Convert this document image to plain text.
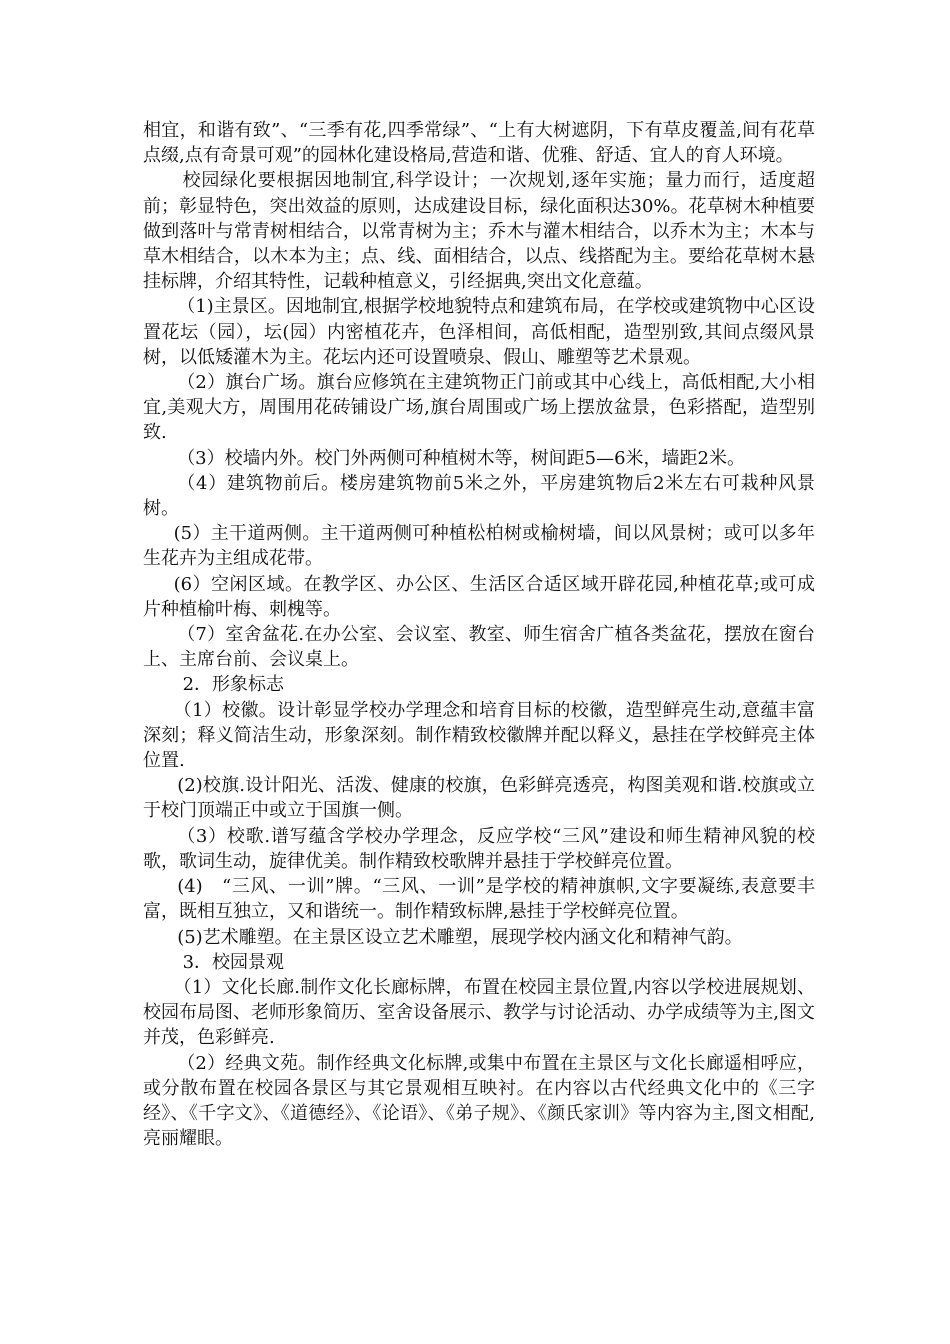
相宜，和谐有致”、“三季有花,四季常绿”、“上有大树遮阴，下有草皮覆盖,间有花草点缀,点有奇景可观”的园林化建设格局,营造和谐、优雅、舒适、宜人的育人环境。

校园绿化要根据因地制宜,科学设计；一次规划,逐年实施；量力而行，适度超前；彰显特色，突出效益的原则，达成建设目标，绿化面积达30%。花草树木种植要做到落叶与常青树相结合，以常青树为主；乔木与灌木相结合，以乔木为主；木本与草木相结合，以木本为主；点、线、面相结合，以点、线搭配为主。要给花草树木悬挂标牌，介绍其特性，记载种植意义，引经据典,突出文化意蕴。

（1)主景区。因地制宜,根据学校地貌特点和建筑布局，在学校或建筑物中心区设置花坛（园），坛(园）内密植花卉，色泽相间，高低相配，造型别致,其间点缀风景树，以低矮灌木为主。花坛内还可设置喷泉、假山、雕塑等艺术景观。

（2）旗台广场。旗台应修筑在主建筑物正门前或其中心线上，高低相配,大小相宜,美观大方，周围用花砖铺设广场,旗台周围或广场上摆放盆景，色彩搭配，造型别致.

（3）校墙内外。校门外两侧可种植树木等，树间距5—6米，墙距2米。

（4）建筑物前后。楼房建筑物前5米之外，平房建筑物后2米左右可栽种风景树。

(5）主干道两侧。主干道两侧可种植松柏树或榆树墙，间以风景树；或可以多年生花卉为主组成花带。

(6）空闲区域。在教学区、办公区、生活区合适区域开辟花园,种植花草;或可成片种植榆叶梅、刺槐等。

（7）室舍盆花.在办公室、会议室、教室、师生宿舍广植各类盆花，摆放在窗台上、主席台前、会议桌上。

2．形象标志

（1）校徽。设计彰显学校办学理念和培育目标的校徽，造型鲜亮生动,意蕴丰富深刻；释义简洁生动，形象深刻。制作精致校徽牌并配以释义，悬挂在学校鲜亮主体位置.

(2)校旗.设计阳光、活泼、健康的校旗，色彩鲜亮透亮，构图美观和谐.校旗或立于校门顶端正中或立于国旗一侧。

（3）校歌.谱写蕴含学校办学理念，反应学校“三风”建设和师生精神风貌的校歌，歌词生动，旋律优美。制作精致校歌牌并悬挂于学校鲜亮位置。

(4)　“三风、一训”牌。“三风、一训”是学校的精神旗帜,文字要凝练,表意要丰富，既相互独立，又和谐统一。制作精致标牌,悬挂于学校鲜亮位置。

(5)艺术雕塑。在主景区设立艺术雕塑，展现学校内涵文化和精神气韵。

3．校园景观

（1）文化长廊.制作文化长廊标牌，布置在校园主景位置,内容以学校进展规划、校园布局图、老师形象简历、室舍设备展示、教学与讨论活动、办学成绩等为主,图文并茂，色彩鲜亮.

（2）经典文苑。制作经典文化标牌,或集中布置在主景区与文化长廊遥相呼应，或分散布置在校园各景区与其它景观相互映衬。在内容以古代经典文化中的《三字经》、《千字文》、《道德经》、《论语》、《弟子规》、《颜氏家训》等内容为主,图文相配,亮丽耀眼。
